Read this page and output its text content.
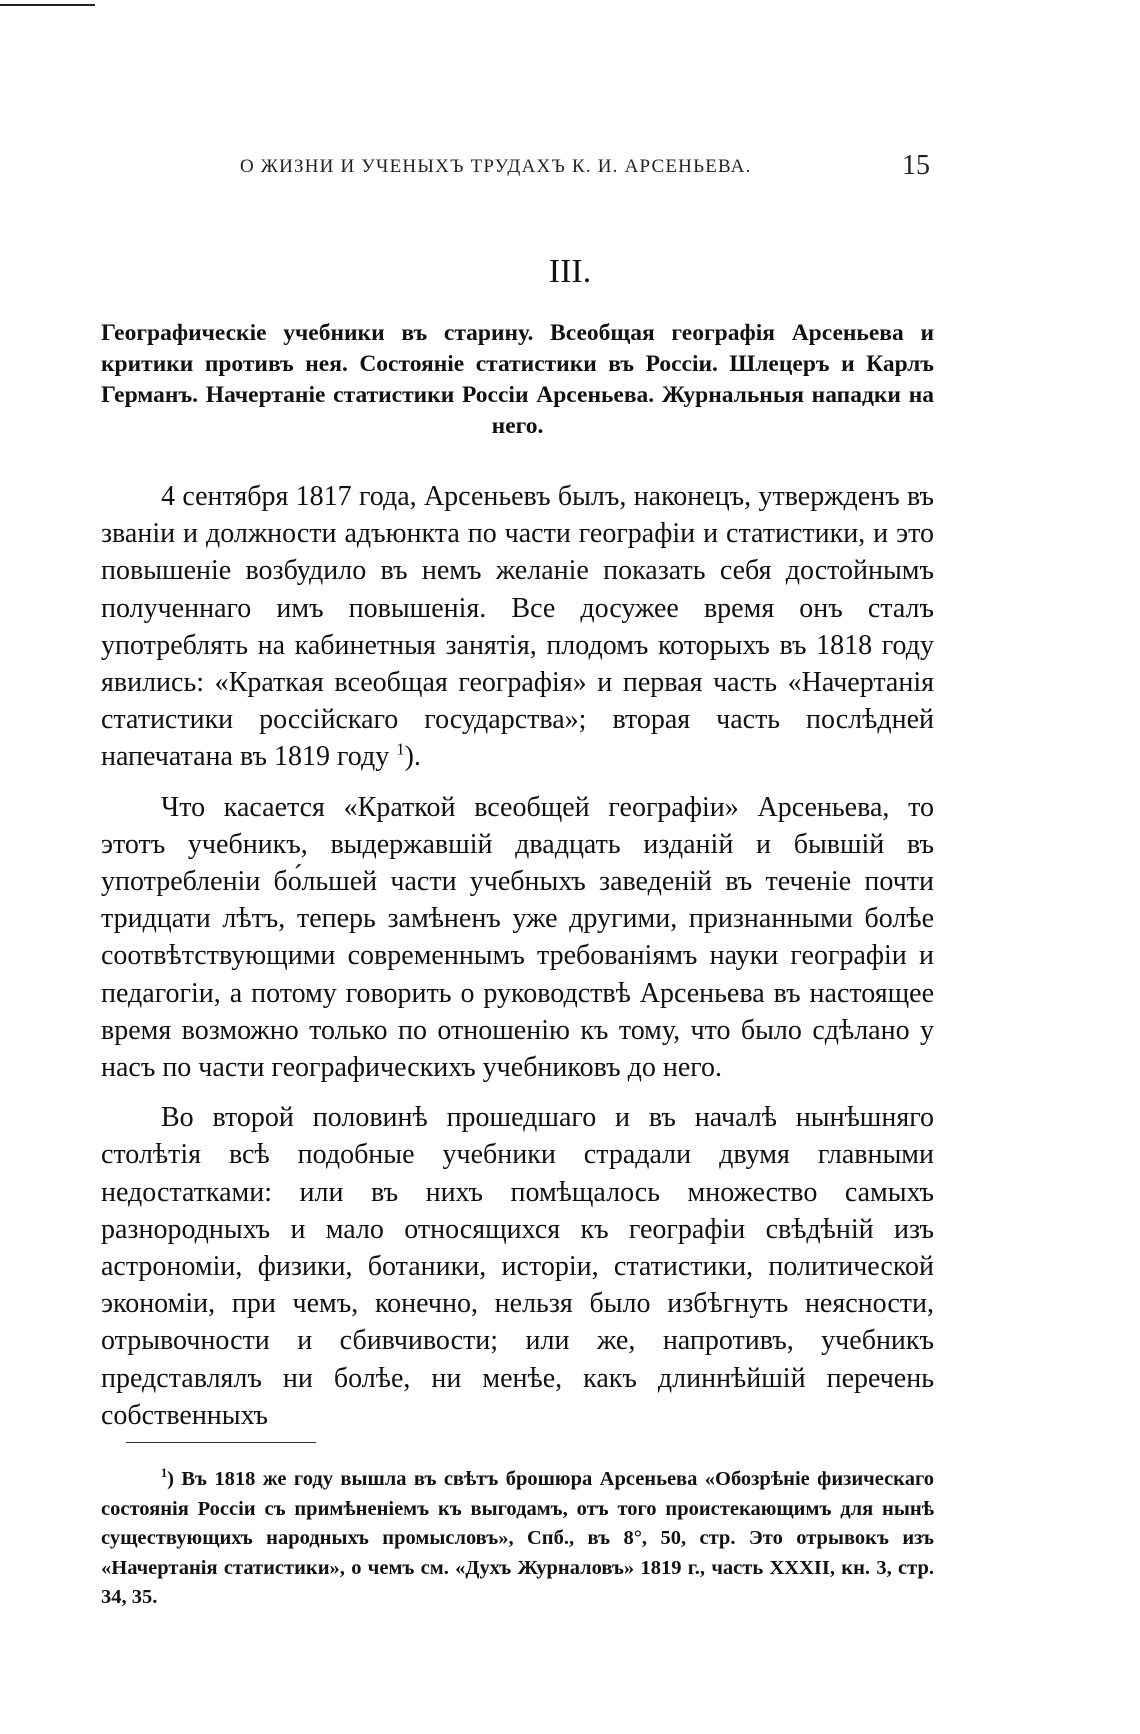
О ЖИЗНИ И УЧЕНЫХЪ ТРУДАХЪ К. И. АРСЕНЬЕВА.	15
III.
Географическіе учебники въ старину. Всеобщая географія Арсеньева и критики противъ нея. Состояніе статистики въ Россіи. Шлецеръ и Карлъ Германъ. Начертаніе статистики Россіи Арсеньева. Журнальныя нападки на него.

4 сентября 1817 года, Арсеньевъ былъ, наконецъ, утвержденъ въ званіи и должности адъюнкта по части географіи и статистики, и это повышеніе возбудило въ немъ желаніе показать себя достойнымъ полученнаго имъ повышенія. Все досужее время онъ сталъ употреблять на кабинетныя занятія, плодомъ которыхъ въ 1818 году явились: «Краткая всеобщая географія» и первая часть «Начертанія статистики россійскаго государства»; вторая часть послѣдней напечатана въ 1819 году $^1$).

Что касается «Краткой всеобщей географіи» Арсеньева, то этотъ учебникъ, выдержавшій двадцать изданій и бывшій въ употребленіи бо́льшей части учебныхъ заведеній въ теченіе почти тридцати лѣтъ, теперь замѣненъ уже другими, признанными болѣе соотвѣтствующими современнымъ требованіямъ науки географіи и педагогіи, а потому говорить о руководствѣ Арсеньева въ настоящее время возможно только по отношенію къ тому, что было сдѣлано у насъ по части географическихъ учебниковъ до него.

Во второй половинѣ прошедшаго и въ началѣ нынѣшняго столѣтія всѣ подобные учебники страдали двумя главными недостатками: или въ нихъ помѣщалось множество самыхъ разнородныхъ и мало относящихся къ географіи свѣдѣній изъ астрономіи, физики, ботаники, исторіи, статистики, политической экономіи, при чемъ, конечно, нельзя было избѣгнуть неясности, отрывочности и сбивчивости; или же, напротивъ, учебникъ представлялъ ни болѣе, ни менѣе, какъ длиннѣйшій перечень собственныхъ

$^1$) Въ 1818 же году вышла въ свѣтъ брошюра Арсеньева «Обозрѣніе физическаго состоянія Россіи съ примѣненіемъ къ выгодамъ, отъ того проистекающимъ для нынѣ существующихъ народныхъ промысловъ», Спб., въ 8°, 50, стр. Это отрывокъ изъ «Начертанія статистики», о чемъ см. «Духъ Журналовъ» 1819 г., часть XXXII, кн. 3, стр. 34, 35.
